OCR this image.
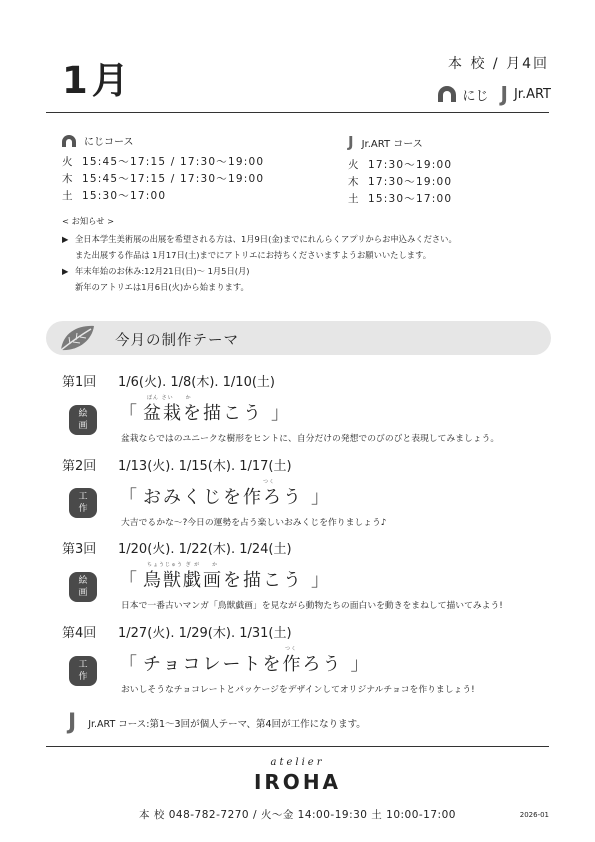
1月	本 校 / 月4回
にじ J Jr.ART
にじコース
火 15:45〜17:15 / 17:30〜19:00
木 15:45〜17:15 / 17:30〜19:00
土 15:30〜17:00
J Jr.ART コース
火 17:30〜19:00
木 17:30〜19:00
土 15:30〜17:00
< お知らせ >
▶ 全日本学生美術展の出展を希望される方は、1月9日(金)までにれんらくアプリからお申込みください。
また出展する作品は 1月17日(土)までにアトリエにお持ちくださいますようお願いいたします。
▶ 年末年始のお休み:12月21日(日)〜 1月5日(月)
新年のアトリエは1月6日(火)から始まります。
今月の制作テーマ
第1回 1/6(火). 1/8(木). 1/10(土)
絵
画
「
ぼん さい　　か
盆栽を描こう 」
盆栽ならではのユニークな樹形をヒントに、自分だけの発想でのびのびと表現してみましょう。
第2回 1/13(火). 1/15(木). 1/17(土)
工
作
「
つく
おみくじを作ろう 」
大吉でるかな〜?今日の運勢を占う楽しいおみくじを作りましょう♪
第3回 1/20(火). 1/22(木). 1/24(土)
絵
画
「
ちょうじゅう ぎ が　　か
鳥獣戯画を描こう 」
日本で一番古いマンガ「鳥獣戯画」を見ながら動物たちの面白いを動きをまねして描いてみよう!
第4回 1/27(火). 1/29(木). 1/31(土)
工
作
「
つく
チョコレートを作ろう 」
おいしそうなチョコレートとパッケージをデザインしてオリジナルチョコを作りましょう!
J Jr.ART コース:第1〜3回が個人テーマ、第4回が工作になります。
atelier
IROHA
本 校 048-782-7270 / 火〜金 14:00-19:30 土 10:00-17:00	2026-01
